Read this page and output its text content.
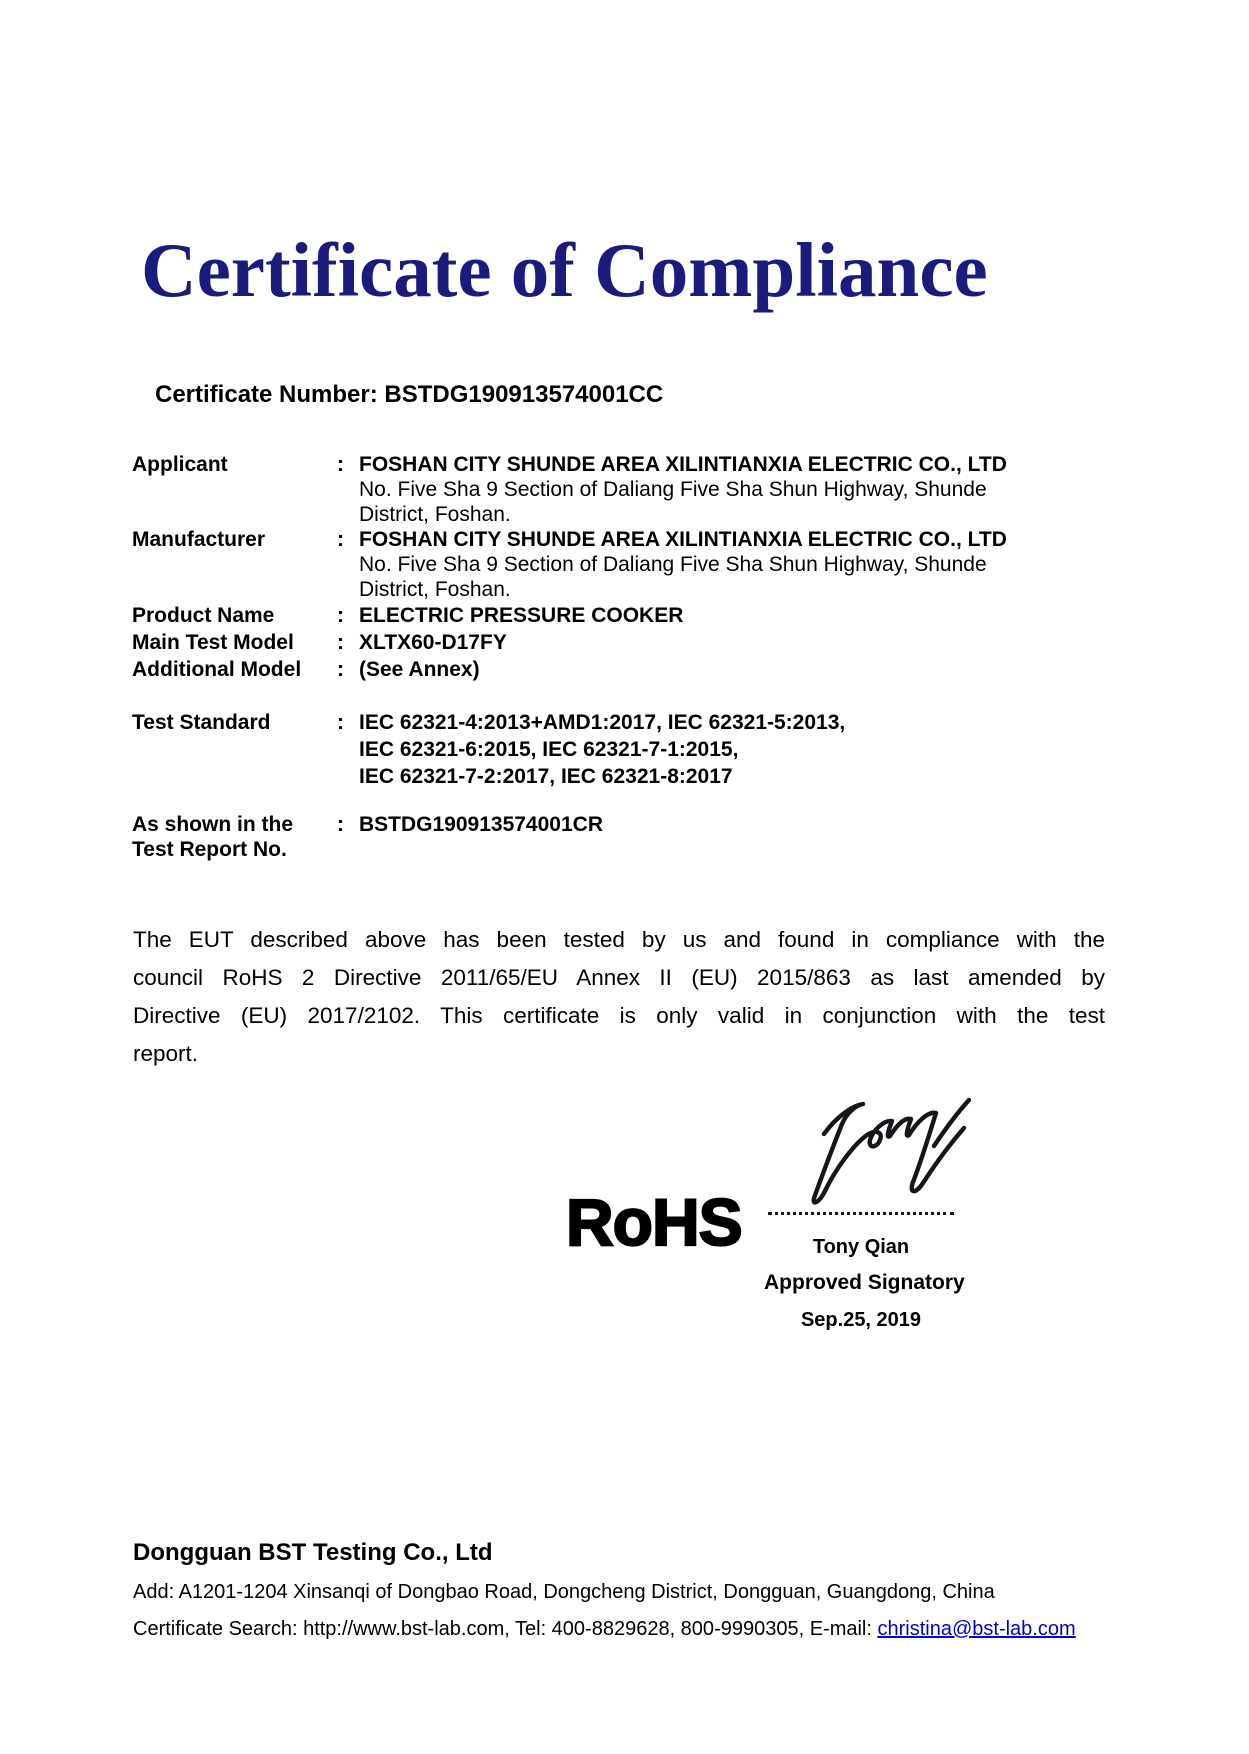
Certificate of Compliance
Certificate Number: BSTDG190913574001CC
Applicant	: FOSHAN CITY SHUNDE AREA XILINTIANXIA ELECTRIC CO., LTD
No. Five Sha 9 Section of Daliang Five Sha Shun Highway, Shunde
District, Foshan.
Manufacturer	: FOSHAN CITY SHUNDE AREA XILINTIANXIA ELECTRIC CO., LTD
No. Five Sha 9 Section of Daliang Five Sha Shun Highway, Shunde
District, Foshan.
Product Name	: ELECTRIC PRESSURE COOKER
Main Test Model	: XLTX60-D17FY
Additional Model	: (See Annex)
Test Standard	: IEC 62321-4:2013+AMD1:2017, IEC 62321-5:2013,
IEC 62321-6:2015, IEC 62321-7-1:2015,
IEC 62321-7-2:2017, IEC 62321-8:2017
As shown in the
Test Report No.
: BSTDG190913574001CR
The EUT described above has been tested by us and found in compliance with the
council RoHS 2 Directive 2011/65/EU Annex II (EU) 2015/863 as last amended by
Directive (EU) 2017/2102. This certificate is only valid in conjunction with the test
report.
RoHS	Tony Qian
Approved Signatory
Sep.25, 2019
Dongguan BST Testing Co., Ltd
Add: A1201-1204 Xinsanqi of Dongbao Road, Dongcheng District, Dongguan, Guangdong, China
Certificate Search: http://www.bst-lab.com, Tel: 400-8829628, 800-9990305, E-mail: christina@bst-lab.com
